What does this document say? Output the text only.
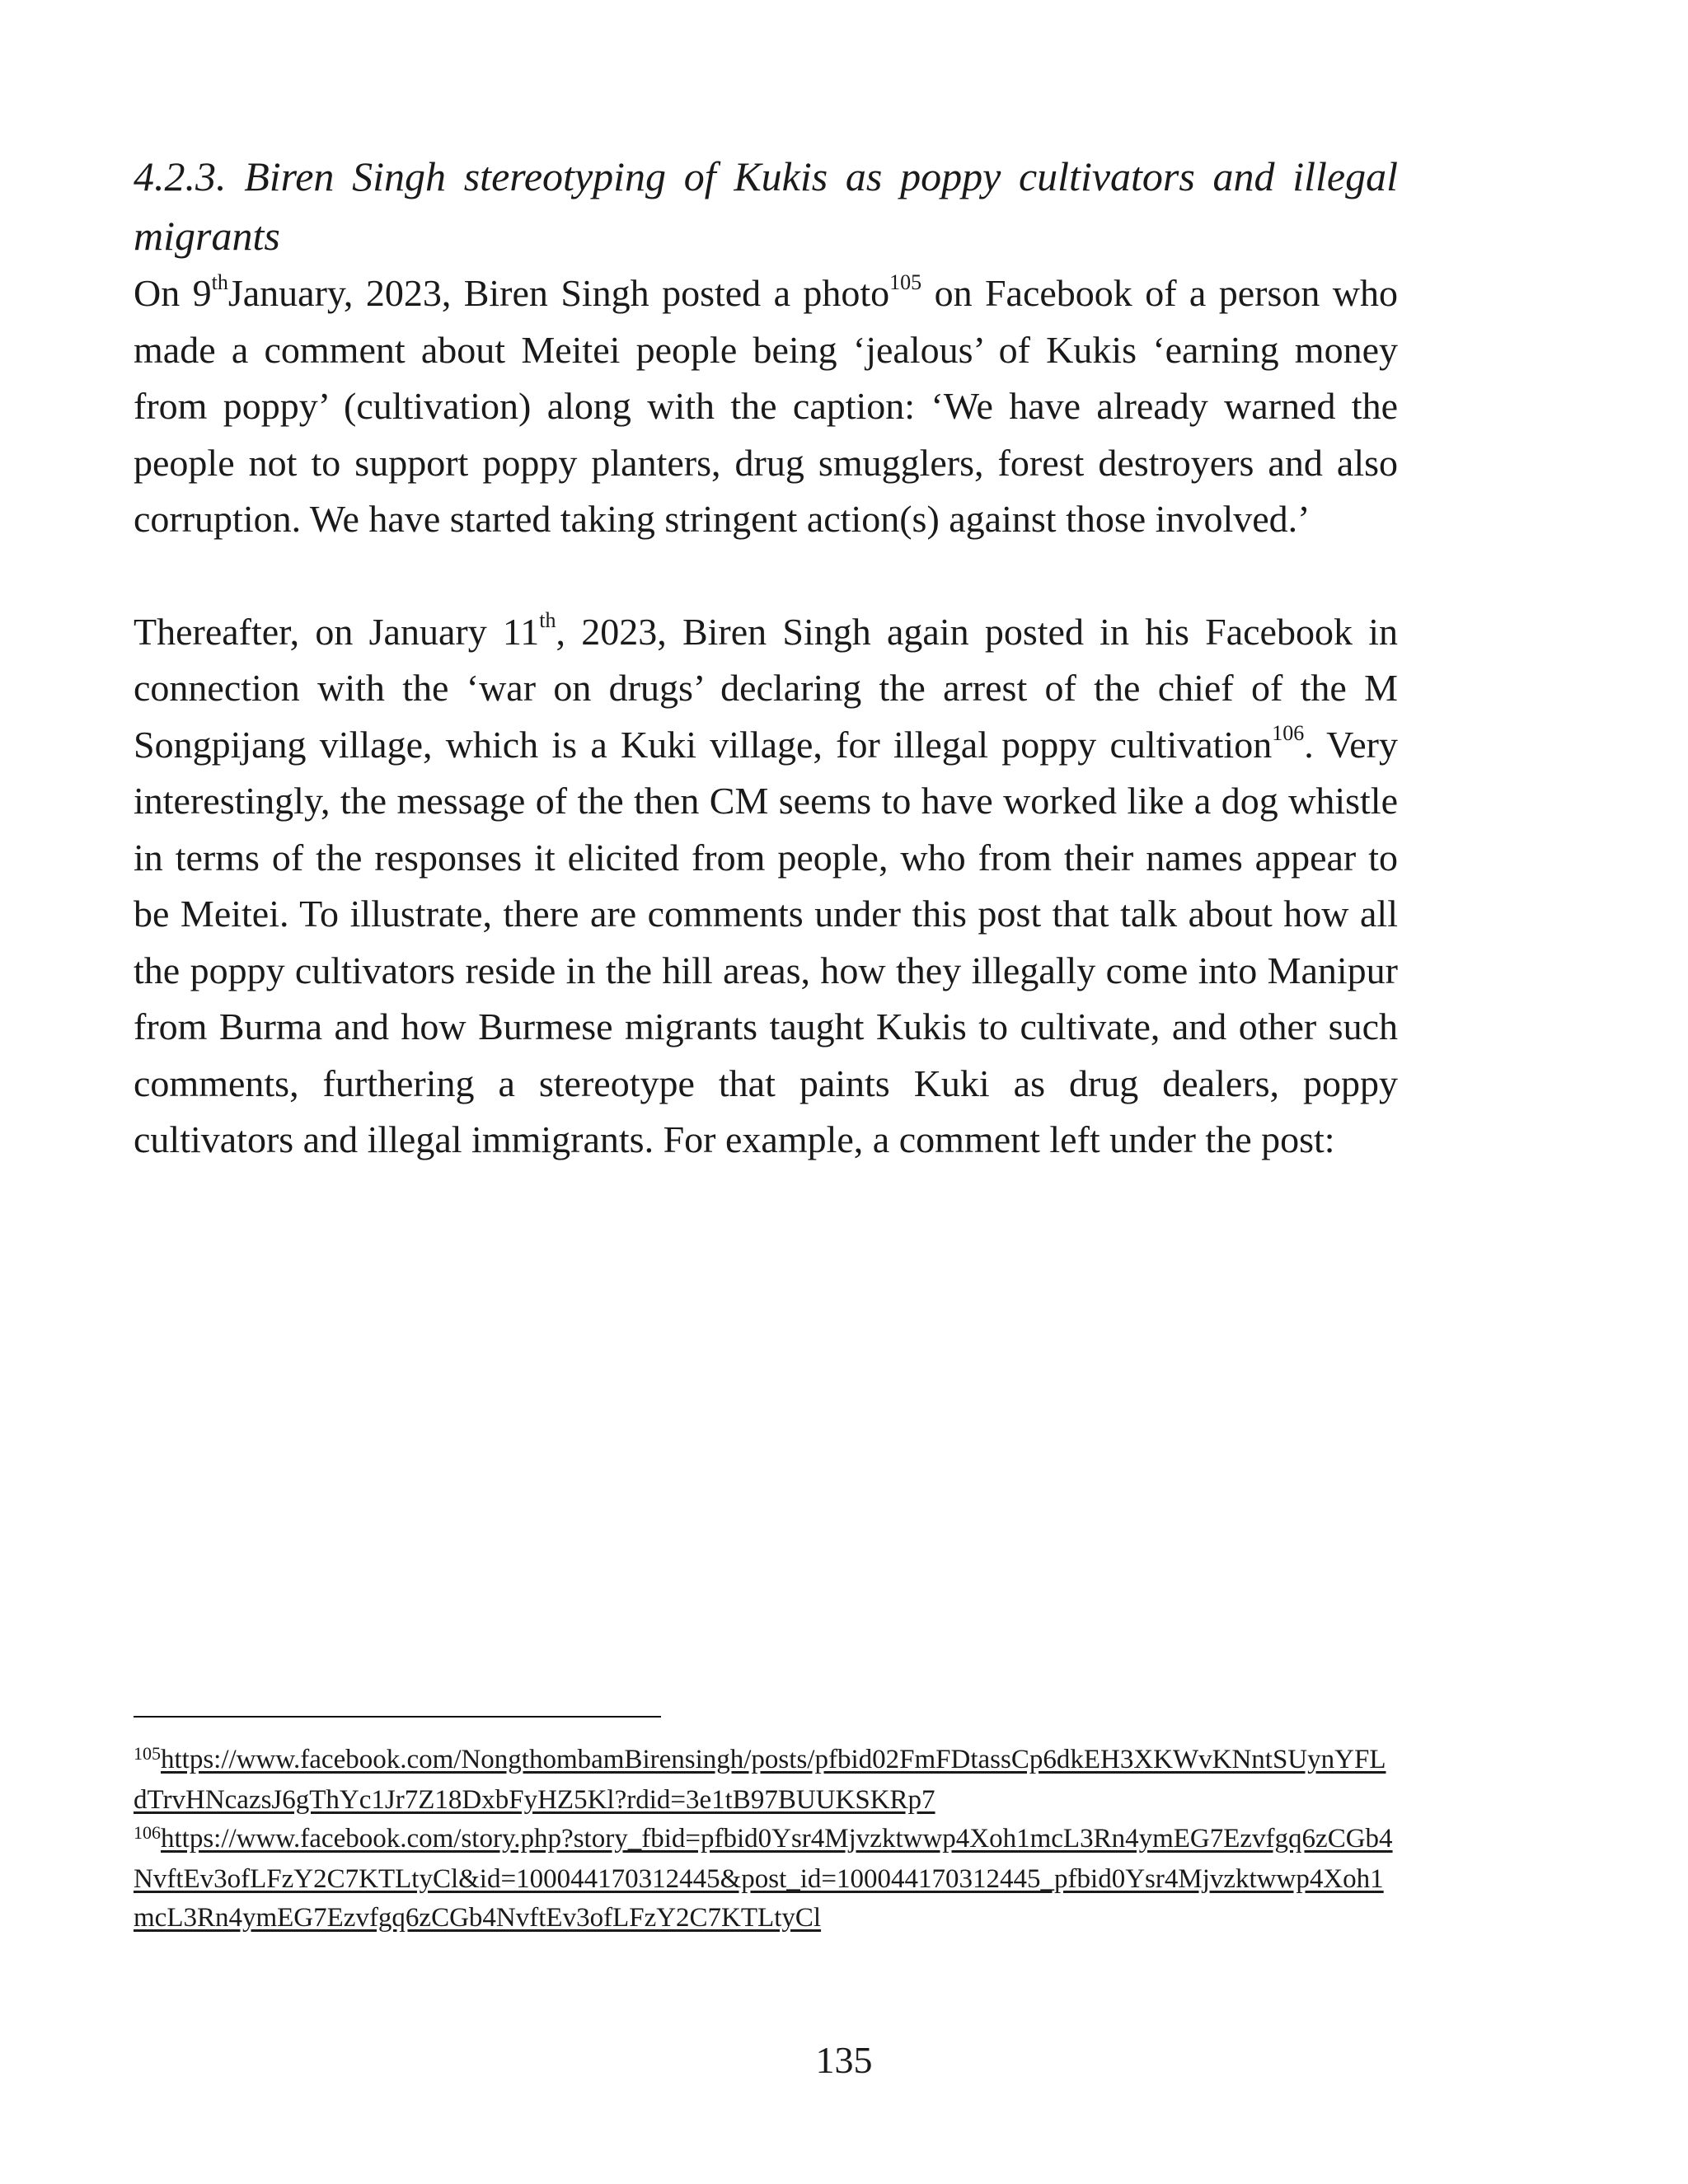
4.2.3. Biren Singh stereotyping of Kukis as poppy cultivators and illegal migrants

On 9thJanuary, 2023, Biren Singh posted a photo$^{105}$ on Facebook of a person who made a comment about Meitei people being ‘jealous’ of Kukis ‘earning money from poppy’ (cultivation) along with the caption: ‘We have already warned the people not to support poppy planters, drug smugglers, forest destroyers and also corruption. We have started taking stringent action(s) against those involved.’

Thereafter, on January 11th, 2023, Biren Singh again posted in his Facebook in connection with the ‘war on drugs’ declaring the arrest of the chief of the M Songpijang village, which is a Kuki village, for illegal poppy cultivation$^{106}$. Very interestingly, the message of the then CM seems to have worked like a dog whistle in terms of the responses it elicited from people, who from their names appear to be Meitei. To illustrate, there are comments under this post that talk about how all the poppy cultivators reside in the hill areas, how they illegally come into Manipur from Burma and how Burmese migrants taught Kukis to cultivate, and other such comments, furthering a stereotype that paints Kuki as drug dealers, poppy cultivators and illegal immigrants. For example, a comment left under the post:

$^{105}$https://www.facebook.com/NongthombamBirensingh/posts/pfbid02FmFDtassCp6dkEH3XKWvKNntSUynYFLdTrvHNcazsJ6gThYc1Jr7Z18DxbFyHZ5Kl?rdid=3e1tB97BUUKSKRp7

$^{106}$https://www.facebook.com/story.php?story_fbid=pfbid0Ysr4Mjvzktwwp4Xoh1mcL3Rn4ymEG7Ezvfgq6zCGb4NvftEv3ofLFzY2C7KTLtyCl&id=100044170312445&post_id=100044170312445_pfbid0Ysr4Mjvzktwwp4Xoh1mcL3Rn4ymEG7Ezvfgq6zCGb4NvftEv3ofLFzY2C7KTLtyCl

135
